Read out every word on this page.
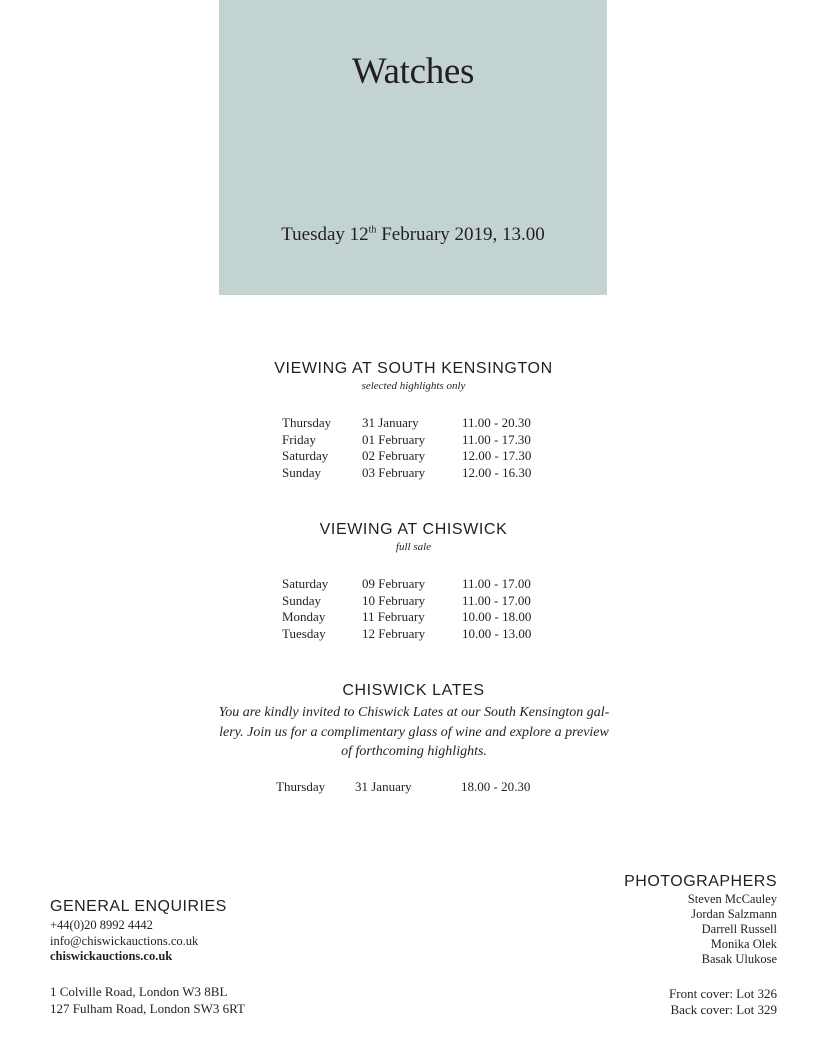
Watches
Tuesday 12th February 2019, 13.00
VIEWING AT SOUTH KENSINGTON
selected highlights only
Thursday 31 January	11.00 - 20.30
Friday	01 February	11.00 - 17.30
Saturday	02 February	12.00 - 17.30
Sunday	03 February	12.00 - 16.30
VIEWING AT CHISWICK
full sale
Saturday	09 February	11.00 - 17.00
Sunday	10 February	11.00 - 17.00
Monday	11 February	10.00 - 18.00
Tuesday	12 February	10.00 - 13.00
CHISWICK LATES
You are kindly invited to Chiswick Lates at our South Kensington gal-
lery. Join us for a complimentary glass of wine and explore a preview
of forthcoming highlights.
Thursday 31 January	18.00 - 20.30
GENERAL ENQUIRIES
+44(0)20 8992 4442
info@chiswickauctions.co.uk
chiswickauctions.co.uk
1 Colville Road, London W3 8BL
127 Fulham Road, London SW3 6RT
PHOTOGRAPHERS
Steven McCauley
Jordan Salzmann
Darrell Russell
Monika Olek
Basak Ulukose
Front cover: Lot 326
Back cover: Lot 329
